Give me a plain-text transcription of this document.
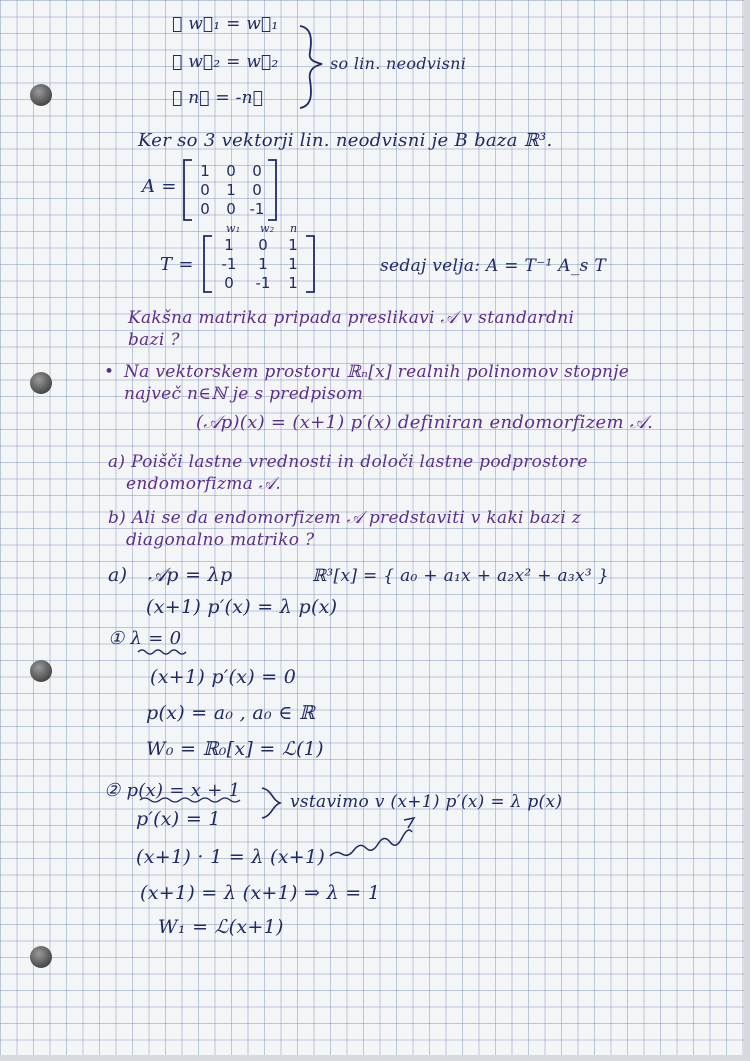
𝒜 w⃗₁ = w⃗₁
𝒜 w⃗₂ = w⃗₂
𝒜 n⃗ = -n⃗
so lin. neodvisni
Ker so 3 vektorji lin. neodvisni je B baza ℝ³.
A =
1	0	0
0	1	0
0	0 -1
T =
w₁ w₂ n
1	0	1
-1	1	1
0	-1	1
sedaj velja: A = T⁻¹ A_s T
Kakšna matrika pripada preslikavi 𝒜 v standardni
bazi ?
• Na vektorskem prostoru ℝₙ[x] realnih polinomov stopnje
največ n∈ℕ je s predpisom
(𝒜p)(x) = (x+1) p′(x) definiran endomorfizem 𝒜.
a) Poišči lastne vrednosti in določi lastne podprostore
endomorfizma 𝒜.
b) Ali se da endomorfizem 𝒜 predstaviti v kaki bazi z
diagonalno matriko ?
a) 𝒜p = λp	ℝ³[x] = { a₀ + a₁x + a₂x² + a₃x³ }
(x+1) p′(x) = λ p(x)
① λ = 0
(x+1) p′(x) = 0
p(x) = a₀ , a₀ ∈ ℝ
W₀ = ℝ₀[x] = ℒ(1)
② p(x) = x + 1
vstavimo v (x+1) p′(x) = λ p(x)
p′(x) = 1
(x+1) · 1 = λ (x+1)
(x+1) = λ (x+1) ⇒ λ = 1
W₁ = ℒ(x+1)
